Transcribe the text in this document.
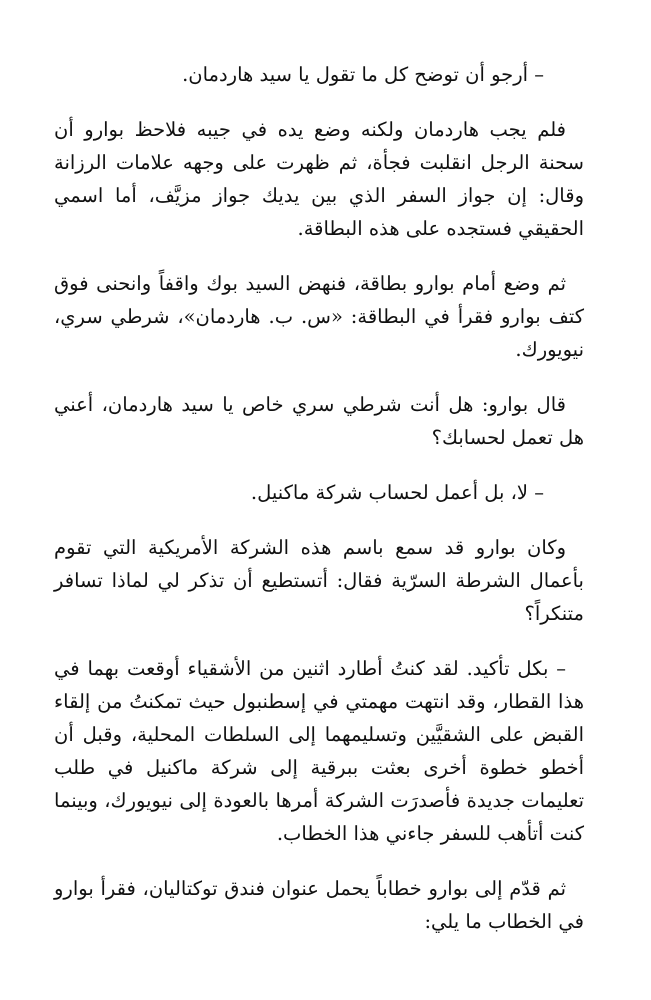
– أرجو أن توضح كل ما تقول يا سيد هاردمان.

فلم يجب هاردمان ولكنه وضع يده في جيبه فلاحظ بوارو أن سحنة الرجل انقلبت فجأة، ثم ظهرت على وجهه علامات الرزانة وقال: إن جواز السفر الذي بين يديك جواز مزيَّف، أما اسمي الحقيقي فستجده على هذه البطاقة.

ثم وضع أمام بوارو بطاقة، فنهض السيد بوك واقفاً وانحنى فوق كتف بوارو فقرأ في البطاقة: «س. ب. هاردمان»، شرطي سري، نيويورك.

قال بوارو: هل أنت شرطي سري خاص يا سيد هاردمان، أعني هل تعمل لحسابك؟

– لا، بل أعمل لحساب شركة ماكنيل.

وكان بوارو قد سمع باسم هذه الشركة الأمريكية التي تقوم بأعمال الشرطة السرّية فقال: أتستطيع أن تذكر لي لماذا تسافر متنكراً؟

– بكل تأكيد. لقد كنتُ أطارد اثنين من الأشقياء أوقعت بهما في هذا القطار، وقد انتهت مهمتي في إسطنبول حيث تمكنتُ من إلقاء القبض على الشقيَّين وتسليمهما إلى السلطات المحلية، وقبل أن أخطو خطوة أخرى بعثت ببرقية إلى شركة ماكنيل في طلب تعليمات جديدة فأصدرَت الشركة أمرها بالعودة إلى نيويورك، وبينما كنت أتأهب للسفر جاءني هذا الخطاب.

ثم قدّم إلى بوارو خطاباً يحمل عنوان فندق توكتاليان، فقرأ بوارو في الخطاب ما يلي:
